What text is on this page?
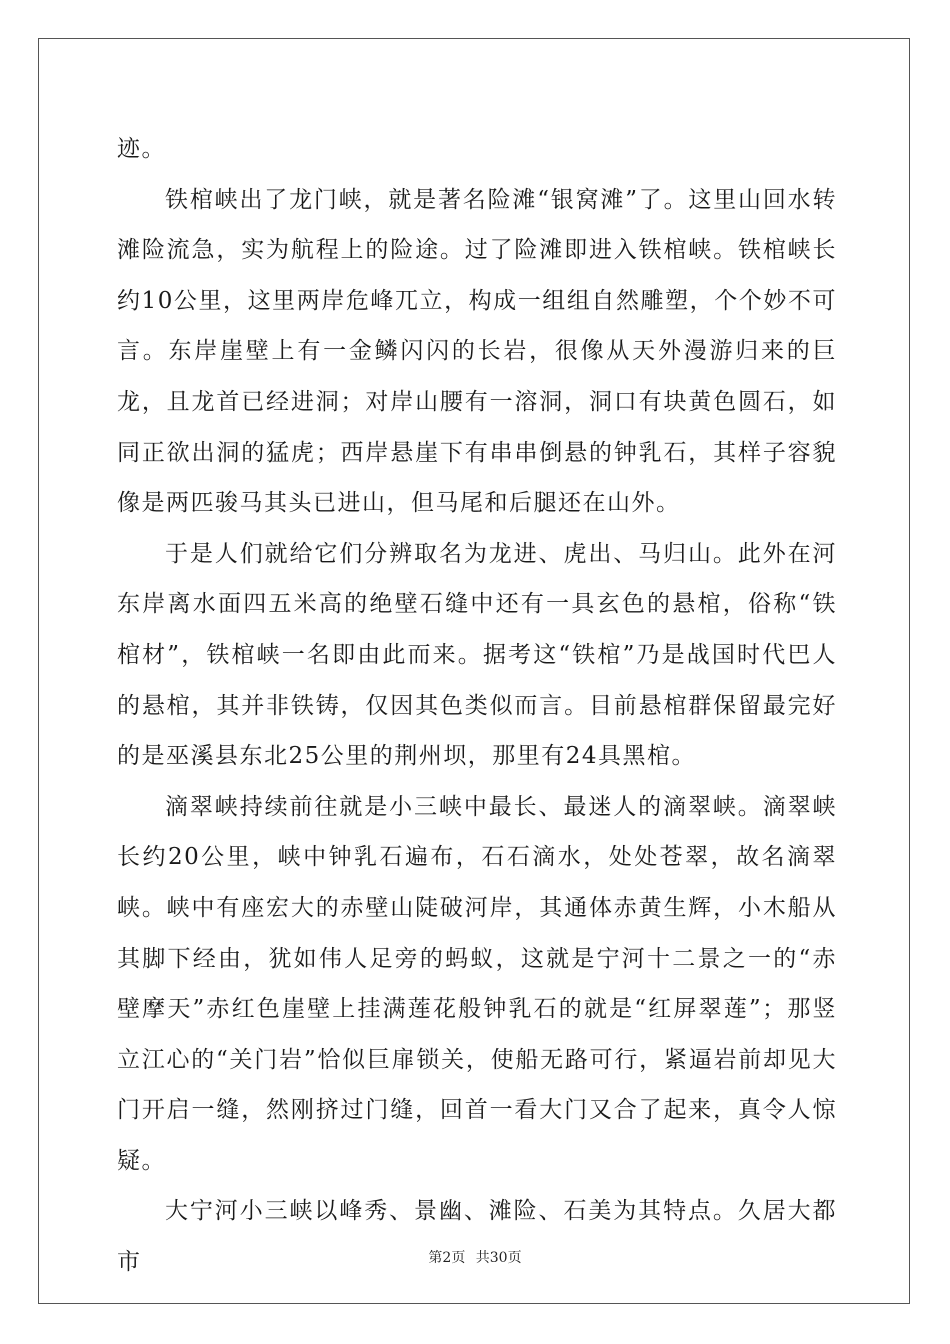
迹。

铁棺峡出了龙门峡，就是著名险滩“银窝滩”了。这里山回水转滩险流急，实为航程上的险途。过了险滩即进入铁棺峡。铁棺峡长约10公里，这里两岸危峰兀立，构成一组组自然雕塑，个个妙不可言。东岸崖壁上有一金鳞闪闪的长岩，很像从天外漫游归来的巨龙，且龙首已经进洞；对岸山腰有一溶洞，洞口有块黄色圆石，如同正欲出洞的猛虎；西岸悬崖下有串串倒悬的钟乳石，其样子容貌像是两匹骏马其头已进山，但马尾和后腿还在山外。

于是人们就给它们分辨取名为龙进、虎出、马归山。此外在河东岸离水面四五米高的绝壁石缝中还有一具玄色的悬棺，俗称“铁棺材”，铁棺峡一名即由此而来。据考这“铁棺”乃是战国时代巴人的悬棺，其并非铁铸，仅因其色类似而言。目前悬棺群保留最完好的是巫溪县东北25公里的荆州坝，那里有24具黑棺。

滴翠峡持续前往就是小三峡中最长、最迷人的滴翠峡。滴翠峡长约20公里，峡中钟乳石遍布，石石滴水，处处苍翠，故名滴翠峡。峡中有座宏大的赤壁山陡破河岸，其通体赤黄生辉，小木船从其脚下经由，犹如伟人足旁的蚂蚁，这就是宁河十二景之一的“赤壁摩天”赤红色崖壁上挂满莲花般钟乳石的就是“红屏翠莲”；那竖立江心的“关门岩”恰似巨扉锁关，使船无路可行，紧逼岩前却见大门开启一缝，然刚挤过门缝，回首一看大门又合了起来，真令人惊疑。

大宁河小三峡以峰秀、景幽、滩险、石美为其特点。久居大都市	第2页 共30页
